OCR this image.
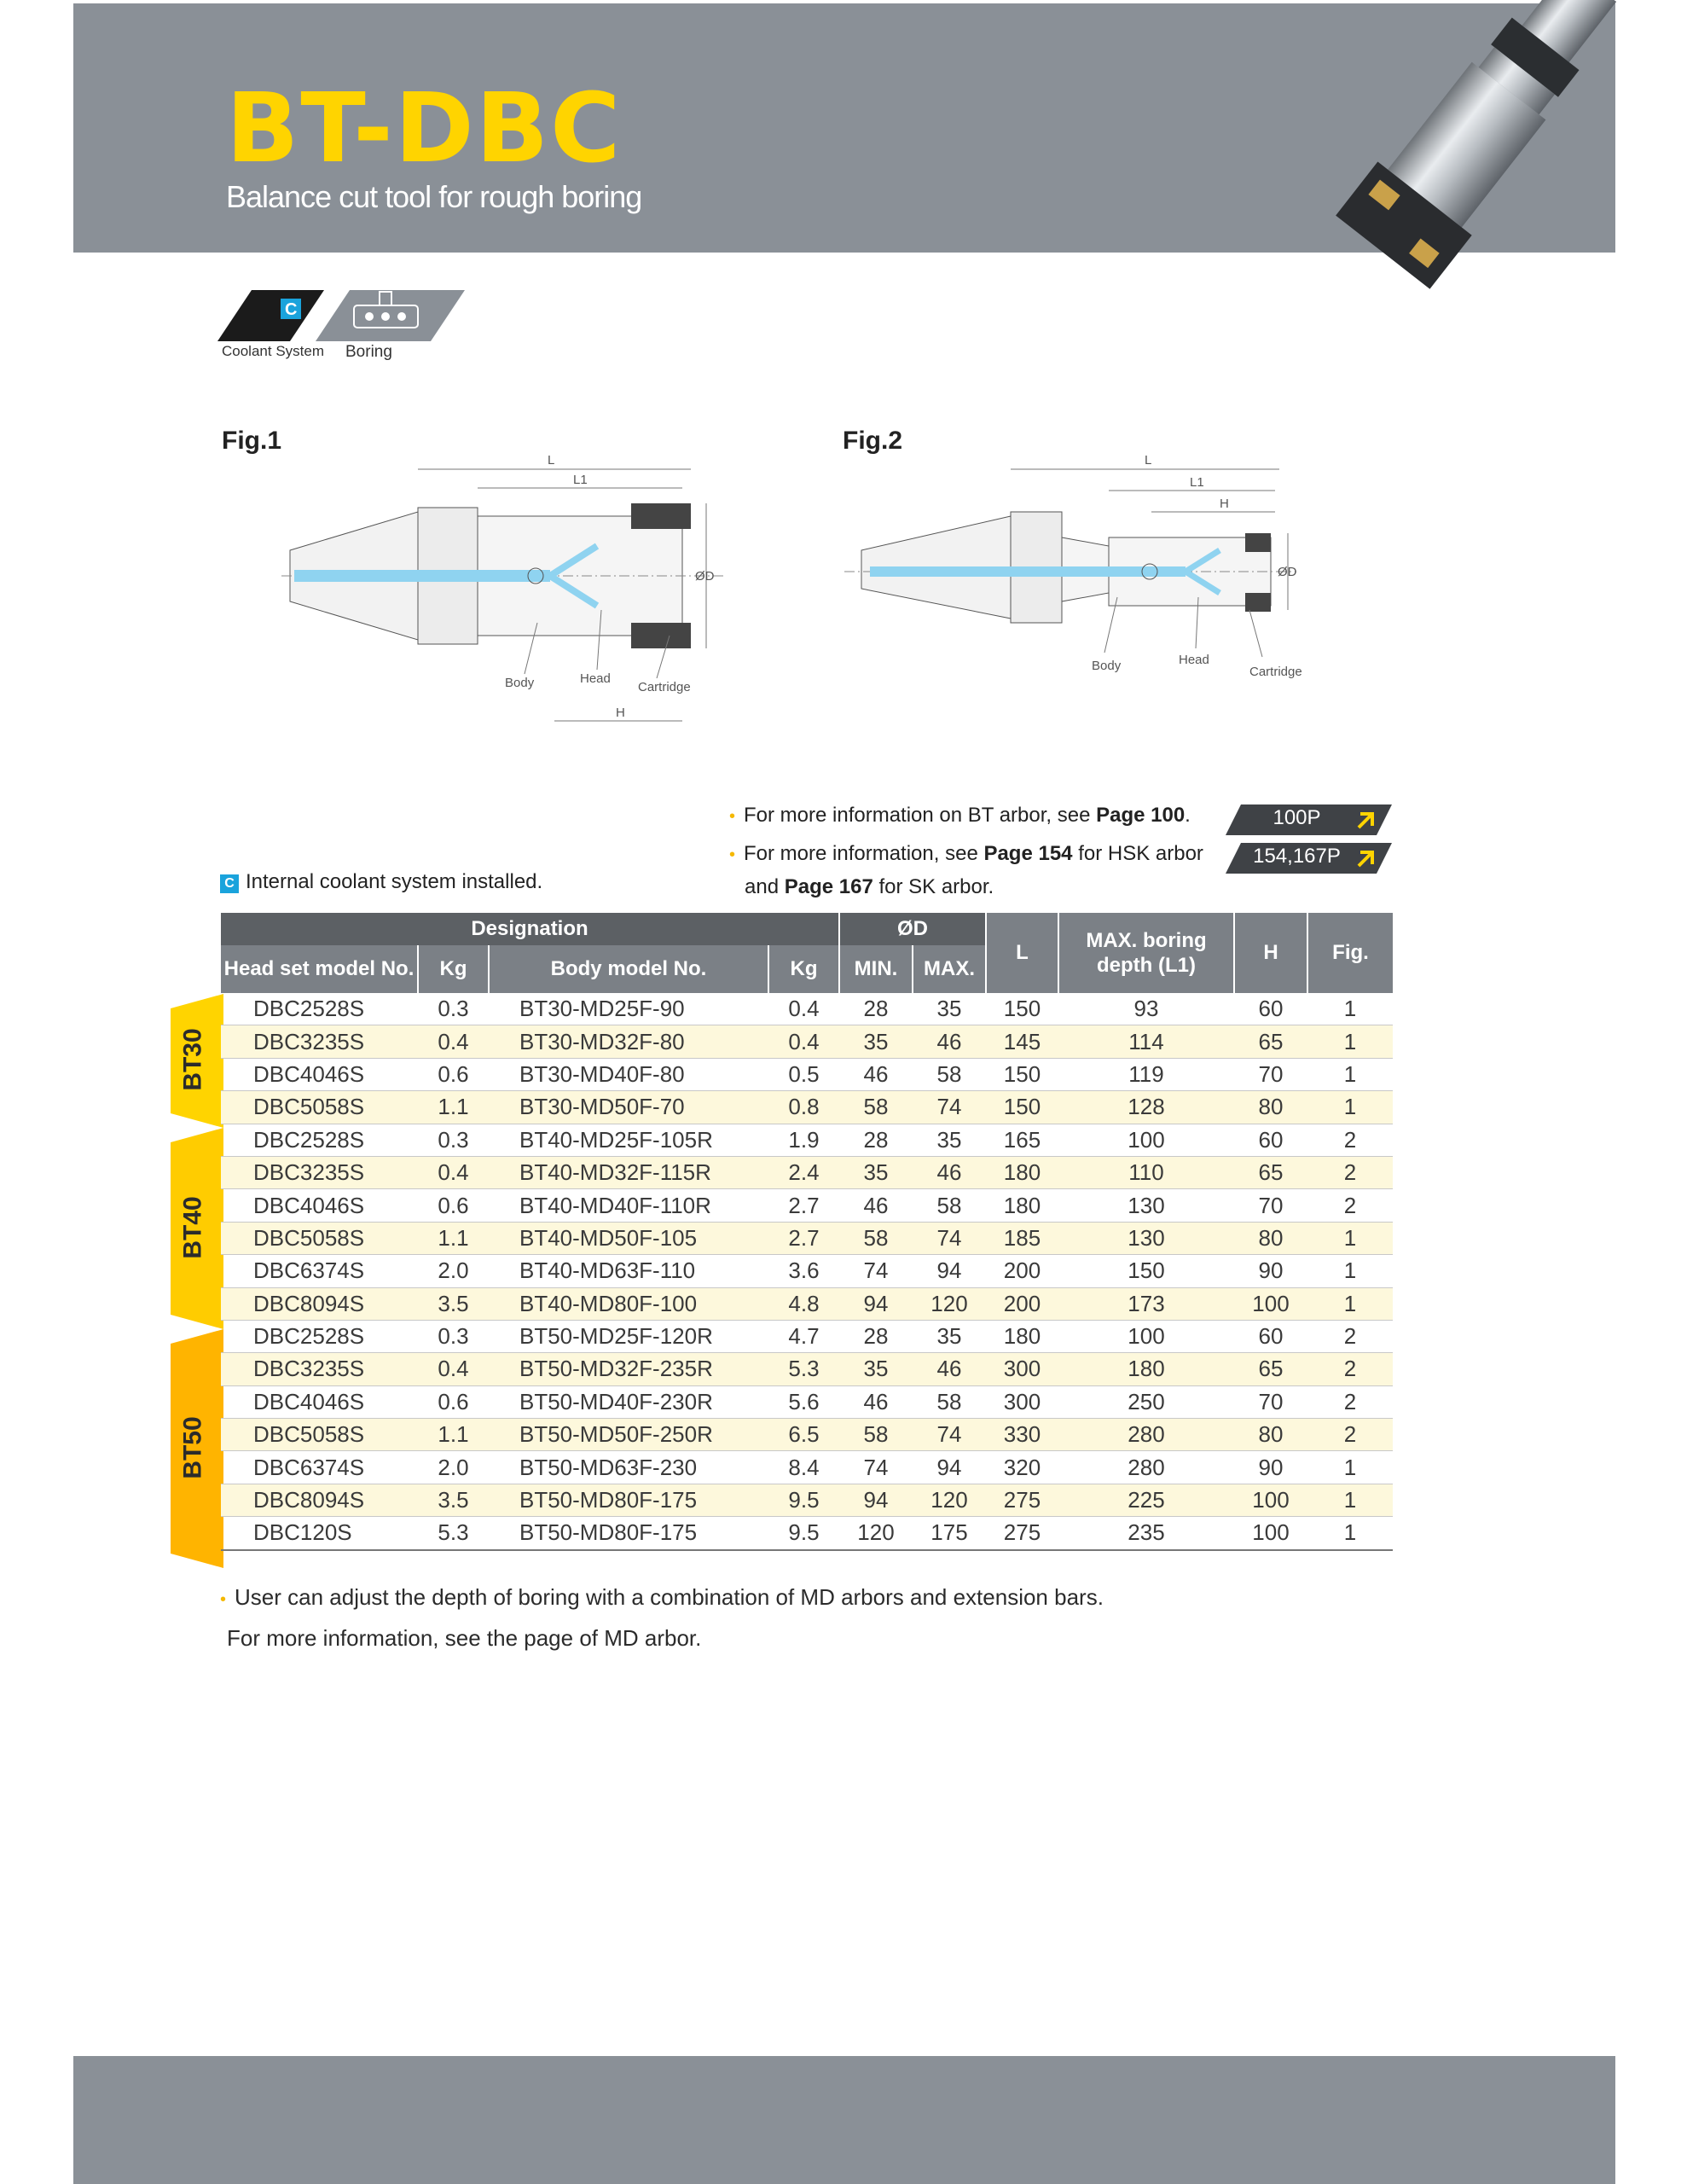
BT-DBC
Balance cut tool for rough boring
C
Coolant System Boring
Fig.1	Fig.2
L
L1
ØD
H
Body	Head
Cartridge
L
L1
H
ØD
Body	Head
Cartridge
• For more information on BT arbor, see Page 100.
• For more information, see Page 154 for HSK arbor
and Page 167 for SK arbor.
C Internal coolant system installed.
100P
154,167P
BT30
BT40
BT50
Designation				ØD		L	MAX. boring depth (L1)	H	Fig.
Head set model No.	Kg	Body model No.	Kg	MIN.	MAX.				
DBC2528S	0.3	BT30-MD25F-90	0.4	28	35	150	93	60	1
DBC3235S	0.4	BT30-MD32F-80	0.4	35	46	145	114	65	1
DBC4046S	0.6	BT30-MD40F-80	0.5	46	58	150	119	70	1
DBC5058S	1.1	BT30-MD50F-70	0.8	58	74	150	128	80	1
DBC2528S	0.3	BT40-MD25F-105R	1.9	28	35	165	100	60	2
DBC3235S	0.4	BT40-MD32F-115R	2.4	35	46	180	110	65	2
DBC4046S	0.6	BT40-MD40F-110R	2.7	46	58	180	130	70	2
DBC5058S	1.1	BT40-MD50F-105	2.7	58	74	185	130	80	1
DBC6374S	2.0	BT40-MD63F-110	3.6	74	94	200	150	90	1
DBC8094S	3.5	BT40-MD80F-100	4.8	94	120	200	173	100	1
DBC2528S	0.3	BT50-MD25F-120R	4.7	28	35	180	100	60	2
DBC3235S	0.4	BT50-MD32F-235R	5.3	35	46	300	180	65	2
DBC4046S	0.6	BT50-MD40F-230R	5.6	46	58	300	250	70	2
DBC5058S	1.1	BT50-MD50F-250R	6.5	58	74	330	280	80	2
DBC6374S	2.0	BT50-MD63F-230	8.4	74	94	320	280	90	1
DBC8094S	3.5	BT50-MD80F-175	9.5	94	120	275	225	100	1
DBC120S	5.3	BT50-MD80F-175	9.5	120	175	275	235	100	1
• User can adjust the depth of boring with a combination of MD arbors and extension bars.
For more information, see the page of MD arbor.
